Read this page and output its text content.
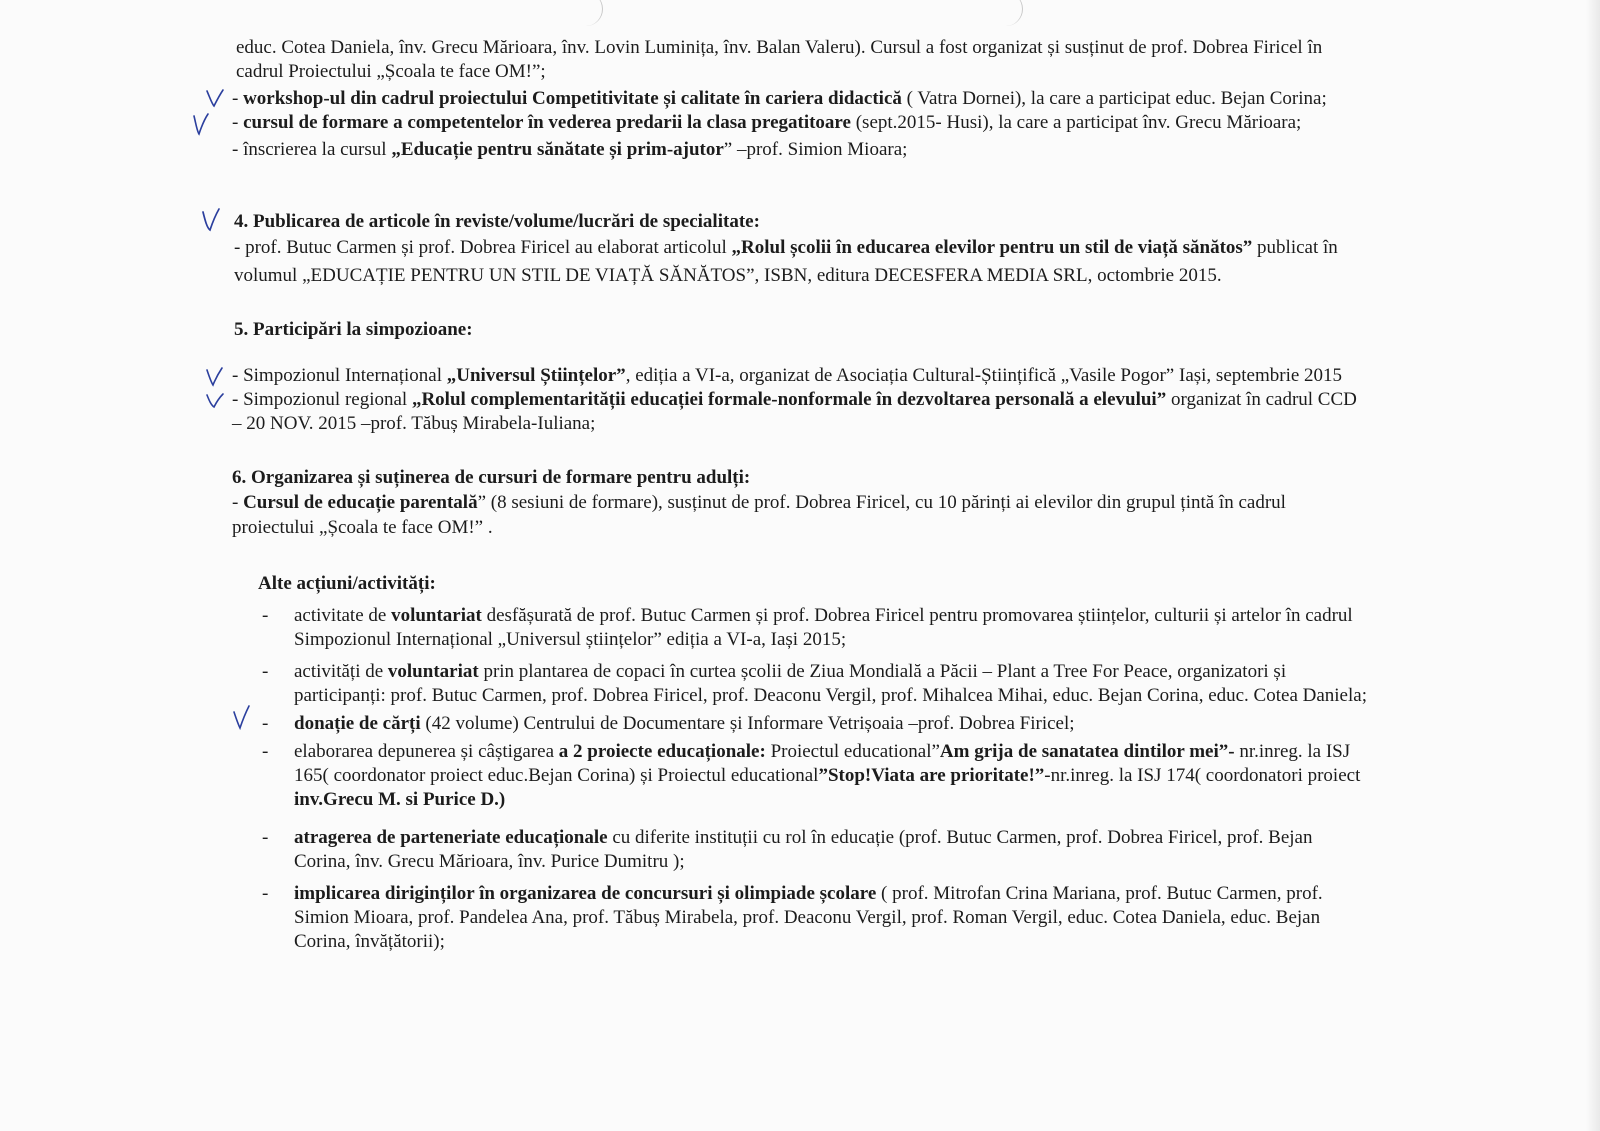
educ. Cotea Daniela, înv. Grecu Mărioara, înv. Lovin Luminița, înv. Balan Valeru). Cursul a fost organizat și susținut de prof. Dobrea Firicel în
cadrul Proiectului „Școala te face OM!”;
- workshop-ul din cadrul proiectului Competitivitate și calitate în cariera didactică ( Vatra Dornei), la care a participat educ. Bejan Corina;
- cursul de formare a competentelor în vederea predarii la clasa pregatitoare (sept.2015- Husi), la care a participat înv. Grecu Mărioara;
- înscrierea la cursul „Educație pentru sănătate și prim-ajutor” –prof. Simion Mioara;
4. Publicarea de articole în reviste/volume/lucrări de specialitate:
- prof. Butuc Carmen și prof. Dobrea Firicel au elaborat articolul „Rolul școlii în educarea elevilor pentru un stil de viață sănătos” publicat în
volumul „EDUCAȚIE PENTRU UN STIL DE VIAȚĂ SĂNĂTOS”, ISBN, editura DECESFERA MEDIA SRL, octombrie 2015.
5. Participări la simpozioane:
- Simpozionul Internațional „Universul Științelor”, ediția a VI-a, organizat de Asociația Cultural-Științifică „Vasile Pogor” Iași, septembrie 2015
- Simpozionul regional „Rolul complementarității educației formale-nonformale în dezvoltarea personală a elevului” organizat în cadrul CCD
– 20 NOV. 2015 –prof. Tăbuș Mirabela-Iuliana;
6. Organizarea și suținerea de cursuri de formare pentru adulți:
- Cursul de educație parentală” (8 sesiuni de formare), susținut de prof. Dobrea Firicel, cu 10 părinți ai elevilor din grupul țintă în cadrul
proiectului „Școala te face OM!” .
Alte acțiuni/activități:
- activitate de voluntariat desfășurată de prof. Butuc Carmen și prof. Dobrea Firicel pentru promovarea științelor, culturii și artelor în cadrul
Simpozionul Internațional „Universul științelor” ediția a VI-a, Iași 2015;
- activități de voluntariat prin plantarea de copaci în curtea școlii de Ziua Mondială a Păcii – Plant a Tree For Peace, organizatori și
participanți: prof. Butuc Carmen, prof. Dobrea Firicel, prof. Deaconu Vergil, prof. Mihalcea Mihai, educ. Bejan Corina, educ. Cotea Daniela;
- donație de cărți (42 volume) Centrului de Documentare și Informare Vetrișoaia –prof. Dobrea Firicel;
- elaborarea depunerea și câștigarea a 2 proiecte educaționale: Proiectul educational”Am grija de sanatatea dintilor mei”- nr.inreg. la ISJ
165( coordonator proiect educ.Bejan Corina) și Proiectul educational”Stop!Viata are prioritate!”-nr.inreg. la ISJ 174( coordonatori proiect
inv.Grecu M. si Purice D.)
- atragerea de parteneriate educaționale cu diferite instituții cu rol în educație (prof. Butuc Carmen, prof. Dobrea Firicel, prof. Bejan
Corina, înv. Grecu Mărioara, înv. Purice Dumitru );
- implicarea diriginților în organizarea de concursuri și olimpiade școlare ( prof. Mitrofan Crina Mariana, prof. Butuc Carmen, prof.
Simion Mioara, prof. Pandelea Ana, prof. Tăbuș Mirabela, prof. Deaconu Vergil, prof. Roman Vergil, educ. Cotea Daniela, educ. Bejan
Corina, învățătorii);
